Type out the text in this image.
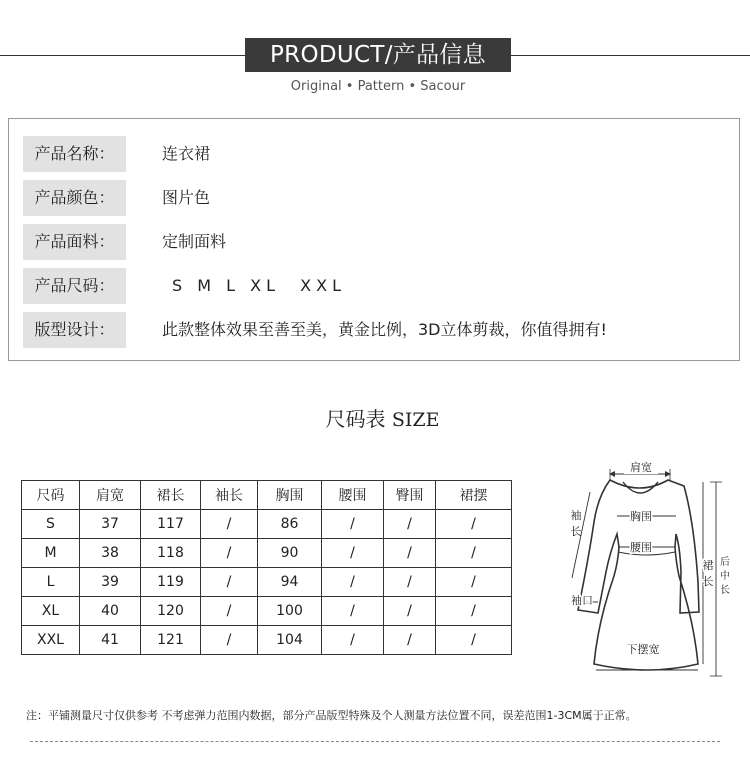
PRODUCT/产品信息
Original • Pattern • Sacour
产品名称：	连衣裙
产品颜色：	图片色
产品面料：	定制面料
产品尺码：	S M L XL  XXL
版型设计：	此款整体效果至善至美，黄金比例，3D立体剪裁，你值得拥有!
尺码表 SIZE
尺码	肩宽	裙长	袖长	胸围	腰围	臀围	裙摆
S	37	117	/	86	/	/	/
M	38	118	/	90	/	/	/
L	39	119	/	94	/	/	/
XL	40	120	/	100	/	/	/
XXL	41	121	/	104	/	/	/
肩宽
胸围
腰围
下摆宽
袖
长
袖口
裙
长
后
中
长
注：平铺测量尺寸仅供参考 不考虑弹力范围内数据，部分产品版型特殊及个人测量方法位置不同，误差范围1-3CM属于正常。
